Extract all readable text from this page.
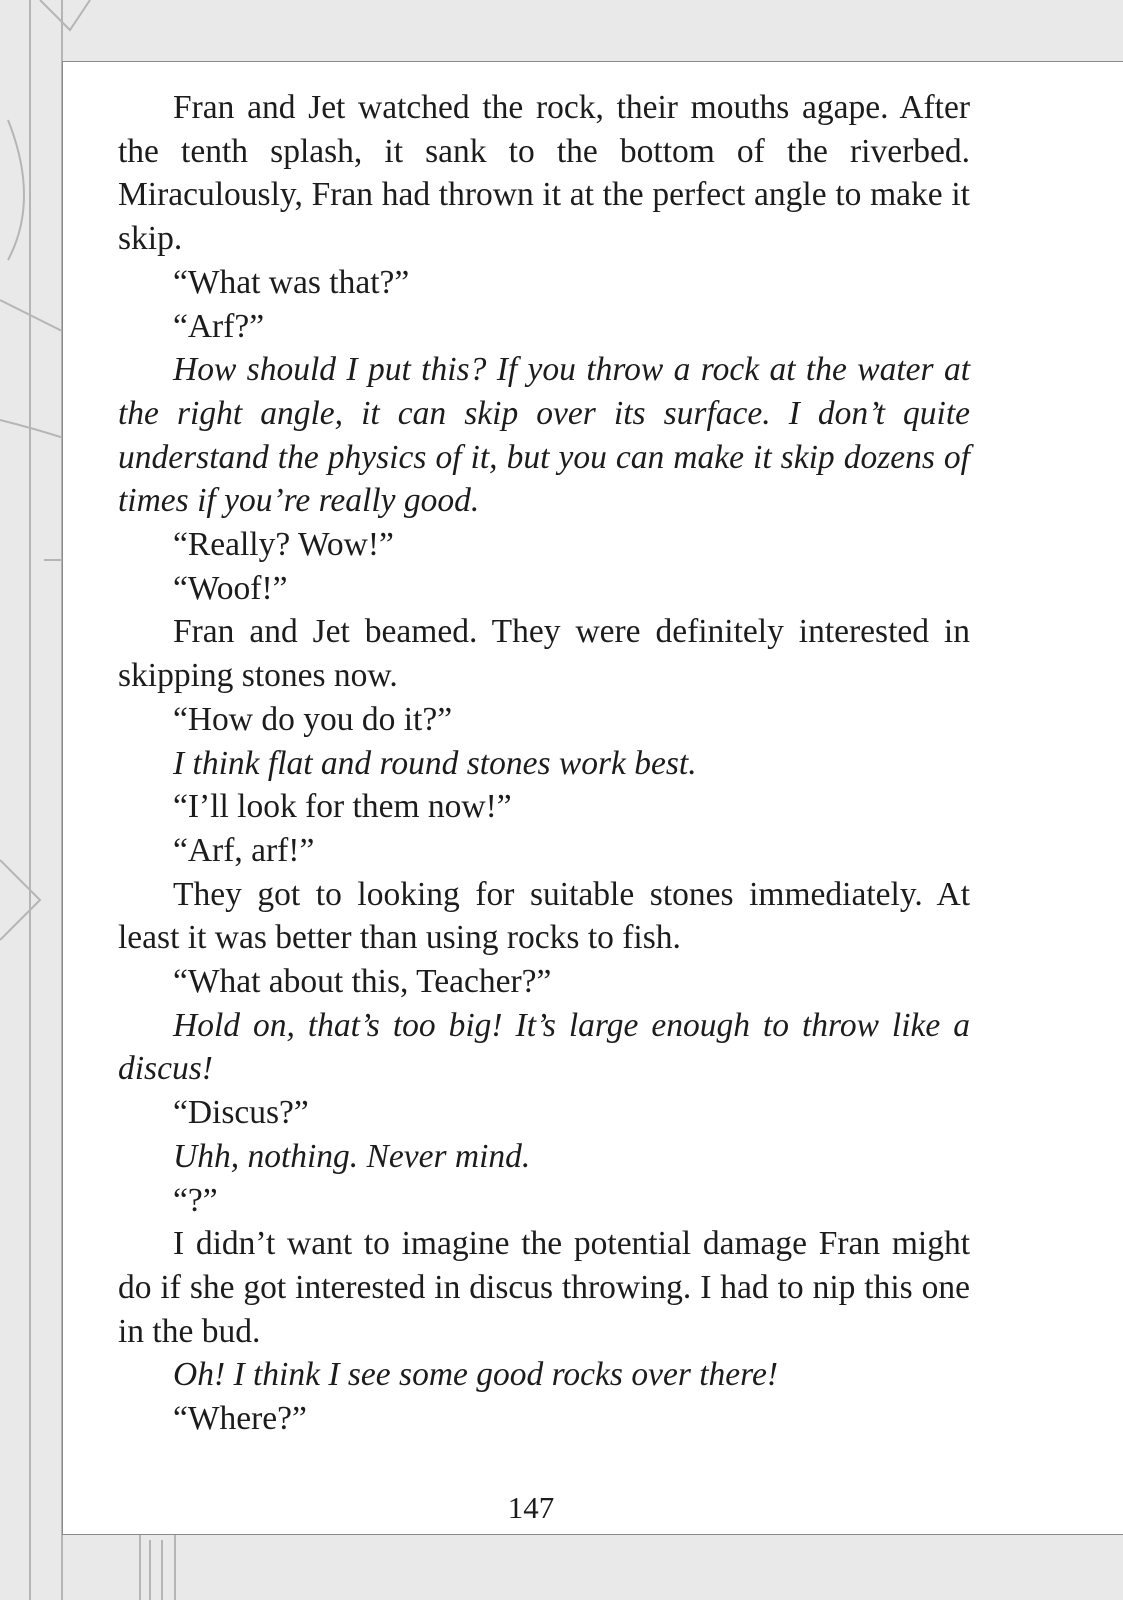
Fran and Jet watched the rock, their mouths agape. After the tenth splash, it sank to the bottom of the riverbed. Miraculously, Fran had thrown it at the perfect angle to make it skip.

“What was that?”

“Arf?”

How should I put this? If you throw a rock at the water at the right angle, it can skip over its surface. I don’t quite understand the physics of it, but you can make it skip dozens of times if you’re really good.

“Really? Wow!”

“Woof!”

Fran and Jet beamed. They were definitely interested in skipping stones now.

“How do you do it?”

I think flat and round stones work best.

“I’ll look for them now!”

“Arf, arf!”

They got to looking for suitable stones immediately. At least it was better than using rocks to fish.

“What about this, Teacher?”

Hold on, that’s too big! It’s large enough to throw like a discus!

“Discus?”

Uhh, nothing. Never mind.

“?”

I didn’t want to imagine the potential damage Fran might do if she got interested in discus throwing. I had to nip this one in the bud.

Oh! I think I see some good rocks over there!

“Where?”

147
